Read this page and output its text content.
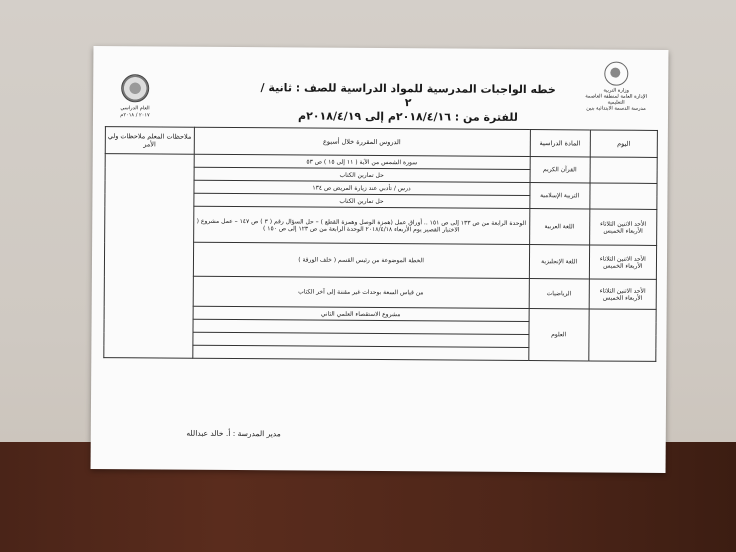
وزارة التربية
الإدارة العامة لمنطقة العاصمة التعليمية
مدرسة الدسمة الابتدائية بنين
العام الدراسي
٢٠١٧ / ٢٠١٨م
خطه الواجبات المدرسية للمواد الدراسية للصف : ثانية / ٢
للفترة من : ٢٠١٨/٤/١٦م إلى ٢٠١٨/٤/١٩م
اليوم	المادة الدراسية	الدروس المقررة خلال أسبوع	ملاحظات المعلم ملاحظات ولي الأمر
	القرآن الكريم	سورة الشمس من الآية ( ١١ إلى ١٥ ) ص ٥٣	
		حل تمارين الكتاب	
	التربية الإسلامية	درس / تأدبي عند زيارة المريض ص ١٣٤	
		حل تمارين الكتاب	
الأحد الاثنين الثلاثاء الأربعاء الخميس	اللغة العربية	الوحدة الرابعة من ص ١٣٣ إلى ص ١٥١ .. أوراق عمل (همزة الوصل وهمزة القطع ) – حل السؤال رقم ( ٣ ) ص ١٤٧ – عمل مشروع ( الاختبار القصير يوم الأربعاء ٢٠١٨/٤/١٨ الوحدة الرابعة من ص ١٢٣ إلى ص ١٥٠ )	
الأحد الاثنين الثلاثاء الأربعاء الخميس	اللغة الإنجليزية	الخطة الموضوعة من رئيس القسم ( خلف الورقة )	
الأحد الاثنين الثلاثاء الأربعاء الخميس	الرياضيات	من قياس السعة بوحدات غير مقننة إلى آخر الكتاب	
	العلوم	مشروع الاستقصاء العلمي الثاني	

مدير المدرسة : أ. خالد عبدالله
